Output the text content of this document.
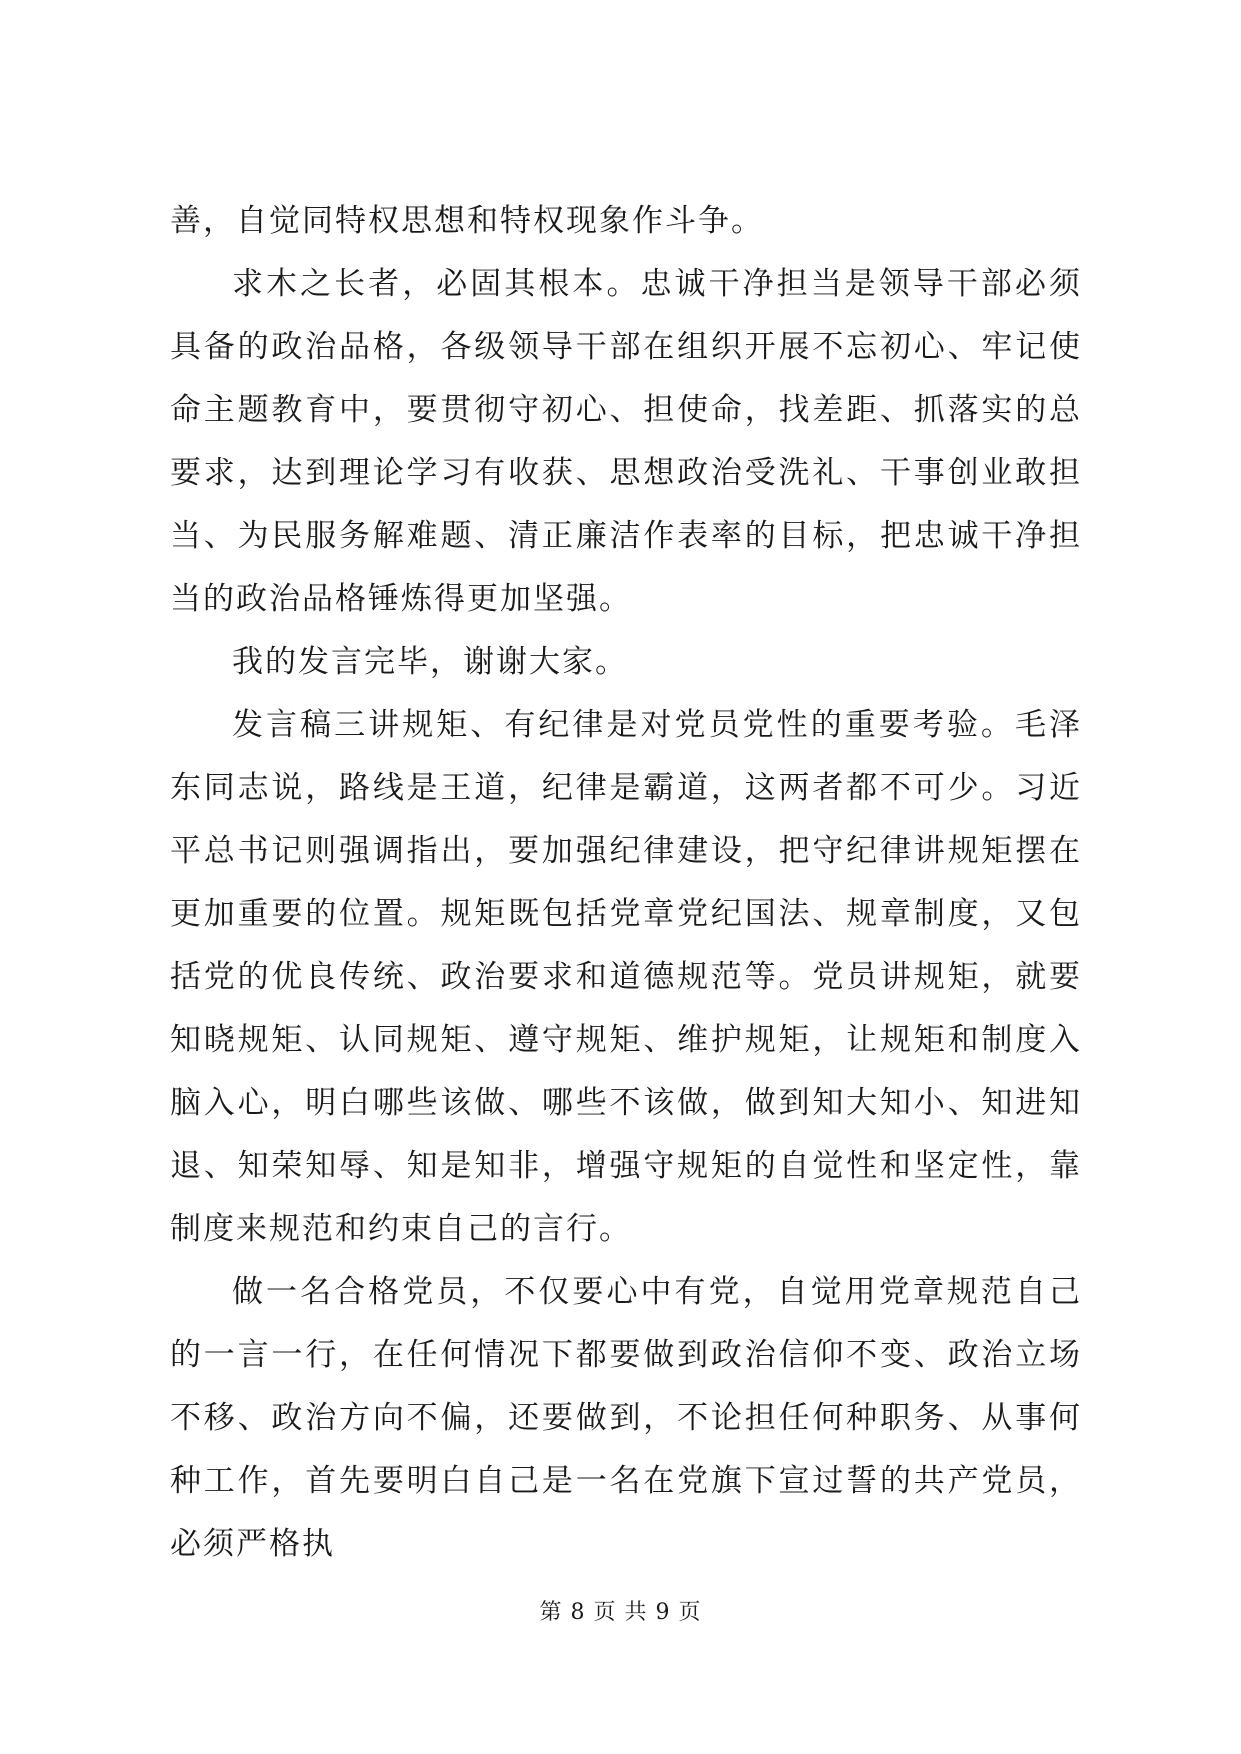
善，自觉同特权思想和特权现象作斗争。

求木之长者，必固其根本。忠诚干净担当是领导干部必须具备的政治品格，各级领导干部在组织开展不忘初心、牢记使命主题教育中，要贯彻守初心、担使命，找差距、抓落实的总要求，达到理论学习有收获、思想政治受洗礼、干事创业敢担当、为民服务解难题、清正廉洁作表率的目标，把忠诚干净担当的政治品格锤炼得更加坚强。

我的发言完毕，谢谢大家。

发言稿三讲规矩、有纪律是对党员党性的重要考验。毛泽东同志说，路线是王道，纪律是霸道，这两者都不可少。习近平总书记则强调指出，要加强纪律建设，把守纪律讲规矩摆在更加重要的位置。规矩既包括党章党纪国法、规章制度，又包括党的优良传统、政治要求和道德规范等。党员讲规矩，就要知晓规矩、认同规矩、遵守规矩、维护规矩，让规矩和制度入脑入心，明白哪些该做、哪些不该做，做到知大知小、知进知退、知荣知辱、知是知非，增强守规矩的自觉性和坚定性，靠制度来规范和约束自己的言行。

做一名合格党员，不仅要心中有党，自觉用党章规范自己的一言一行，在任何情况下都要做到政治信仰不变、政治立场不移、政治方向不偏，还要做到，不论担任何种职务、从事何种工作，首先要明白自己是一名在党旗下宣过誓的共产党员，必须严格执

第 8 页 共 9 页
